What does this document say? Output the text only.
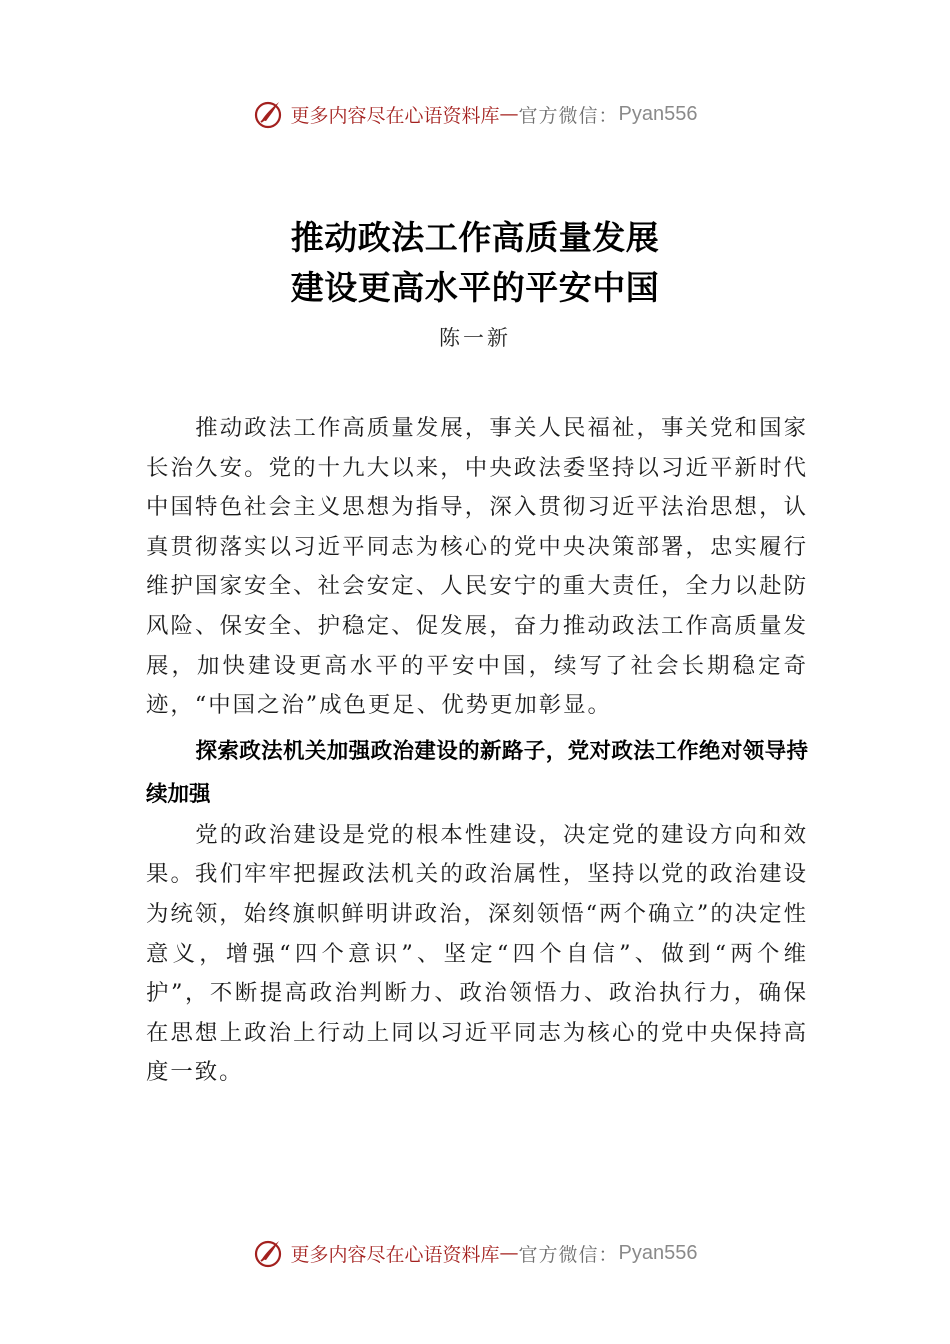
更多内容尽在心语资料库 — 官方微信： Pyan556
推动政法工作高质量发展
建设更高水平的平安中国
陈一新

推动政法工作高质量发展，事关人民福祉，事关党和国家长治久安。党的十九大以来，中央政法委坚持以习近平新时代中国特色社会主义思想为指导，深入贯彻习近平法治思想，认真贯彻落实以习近平同志为核心的党中央决策部署，忠实履行维护国家安全、社会安定、人民安宁的重大责任，全力以赴防风险、保安全、护稳定、促发展，奋力推动政法工作高质量发展，加快建设更高水平的平安中国，续写了社会长期稳定奇迹，“中国之治”成色更足、优势更加彰显。

探索政法机关加强政治建设的新路子，党对政法工作绝对领导持续加强

党的政治建设是党的根本性建设，决定党的建设方向和效果。我们牢牢把握政法机关的政治属性，坚持以党的政治建设为统领，始终旗帜鲜明讲政治，深刻领悟“两个确立”的决定性意义，增强“四个意识”、坚定“四个自信”、做到“两个维护”，不断提高政治判断力、政治领悟力、政治执行力，确保在思想上政治上行动上同以习近平同志为核心的党中央保持高度一致。

更多内容尽在心语资料库 — 官方微信： Pyan556
